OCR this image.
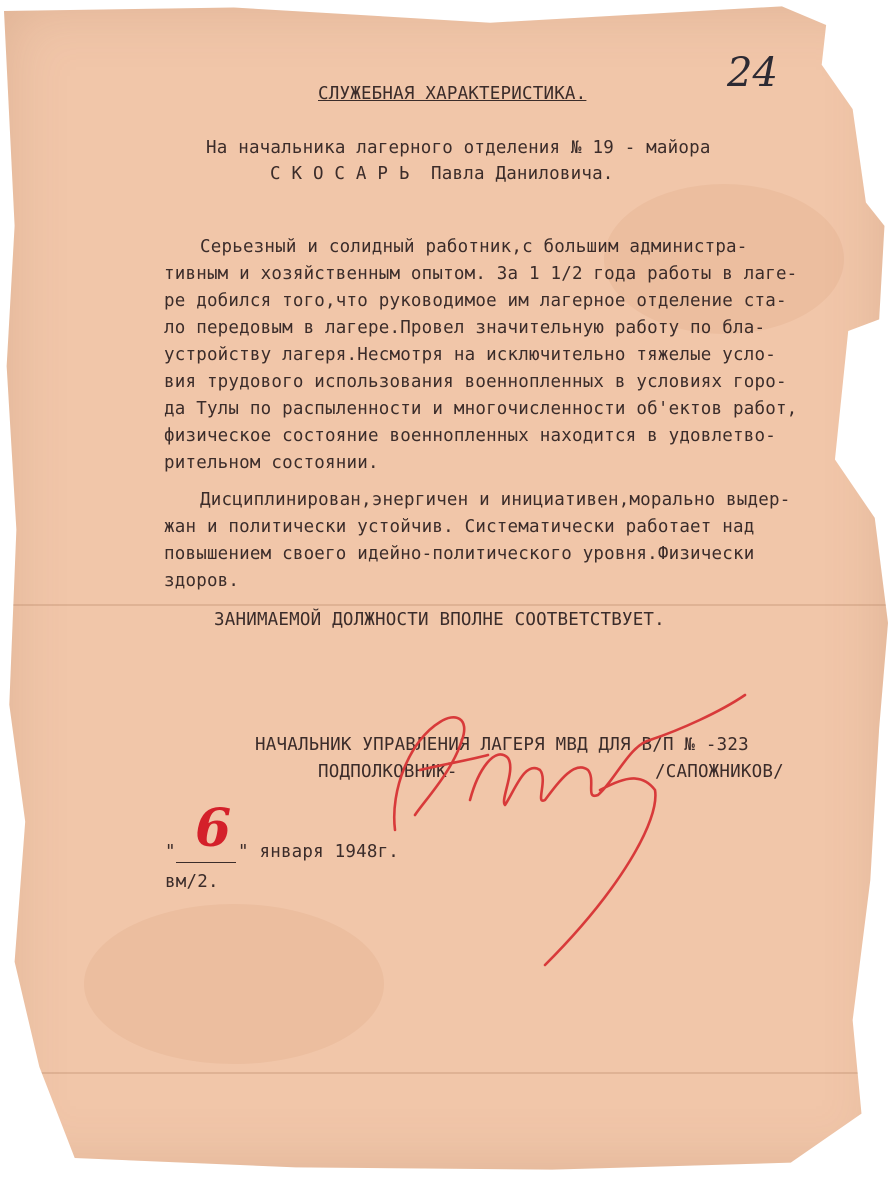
24
СЛУЖЕБНАЯ ХАРАКТЕРИСТИКА.
На начальника лагерного отделения № 19 - майора
С К О С А Р Ь  Павла Даниловича.
Серьезный и солидный работник,с большим администра-
тивным и хозяйственным опытом. За 1 1/2 года работы в лаге-
ре добился того,что руководимое им лагерное отделение ста-
ло передовым в лагере.Провел значительную работу по бла-
устройству лагеря.Несмотря на исключительно тяжелые усло-
вия трудового использования военнопленных в условиях горо-
да Тулы по распыленности и многочисленности об'ектов работ,
физическое состояние военнопленных находится в удовлетво-
рительном состоянии.
Дисциплинирован,энергичен и инициативен,морально выдер-
жан и политически устойчив. Систематически работает над
повышением своего идейно-политического уровня.Физически
здоров.
ЗАНИМАЕМОЙ ДОЛЖНОСТИ ВПОЛНЕ СООТВЕТСТВУЕТ.
НАЧАЛЬНИК УПРАВЛЕНИЯ ЛАГЕРЯ МВД ДЛЯ В/П № -323
ПОДПОЛКОВНИК-	/САПОЖНИКОВ/
" 6 " января 1948г.
вм/2.
